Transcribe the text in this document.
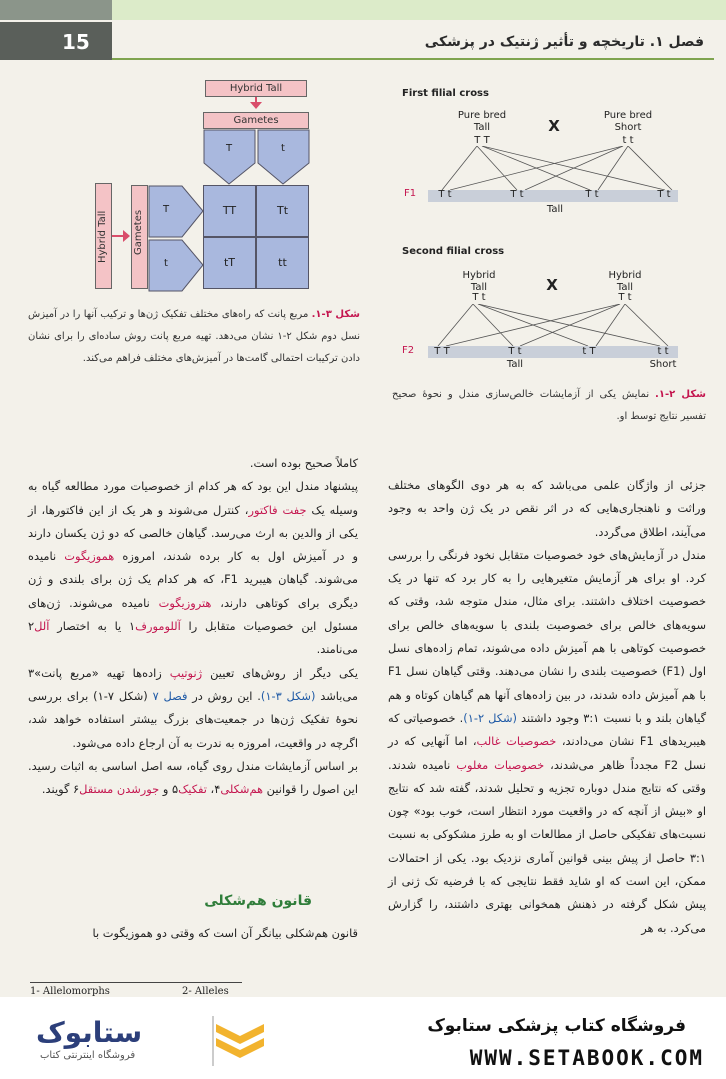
15	فصل ۱. تاریخچه و تأثیر ژنتیک در پزشکی
Hybrid Tall
Gametes
T	t
Hybrid Tall	Gametes
T
t
TT	Tt
tT	tt
First filial cross
Pure bred Tall
Pure bred Short
T T	t t
X
F1	T t	T t	T t	T t
Tall
Second filial cross
Hybrid Tall
Hybrid Tall
T t	T t
X
F2	T T	T t	t T	t t
Tall	Short
شکل ۳-۱. مربع پانت که راه‌های مختلف تفکیک ژن‌ها و ترکیب آنها را در آمیزش نسل دوم شکل ۲-۱ نشان می‌دهد. تهیه مربع پانت روش ساده‌ای را برای نشان دادن ترکیبات احتمالی گامت‌ها در آمیزش‌های مختلف فراهم می‌کند.
شکل ۲-۱. نمایش یکی از آزمایشات خالص‌سازی مندل و نحوهٔ صحیح تفسیر نتایج توسط او.

کاملاً صحیح بوده است.

پیشنهاد مندل این بود که هر کدام از خصوصیات مورد مطالعه گیاه به وسیله یک جفت فاکتور، کنترل می‌شوند و هر یک از این فاکتورها، از یکی از والدین به ارث می‌رسد. گیاهان خالصی که دو ژن یکسان دارند و در آمیزش اول به کار برده شدند، امروزه هموزیگوت نامیده می‌شوند. گیاهان هیبرید F1، که هر کدام یک ژن برای بلندی و ژن دیگری برای کوتاهی دارند، هتروزیگوت نامیده می‌شوند. ژن‌های مسئول این خصوصیات متقابل را آللومورف۱ یا به اختصار آلل۲ می‌نامند.

یکی دیگر از روش‌های تعیین ژنوتیپ زاده‌ها تهیه «مربع پانت»۳ می‌باشد (شکل ۳-۱). این روش در فصل ۷ (شکل ۷-۱) برای بررسی نحوهٔ تفکیک ژن‌ها در جمعیت‌های بزرگ بیشتر استفاده خواهد شد، اگرچه در واقعیت، امروزه به ندرت به آن ارجاع داده می‌شود.

بر اساس آزمایشات مندل روی گیاه، سه اصل اساسی به اثبات رسید. این اصول را قوانین هم‌شکلی۴، تفکیک۵ و جورشدن مستقل۶ گویند.

قانون هم‌شکلی
قانون هم‌شکلی بیانگر آن است که وقتی دو هموزیگوت با

جزئی از واژگان علمی می‌باشد که به هر دوی الگوهای مختلف وراثت و ناهنجاری‌هایی که در اثر نقص در یک ژن واحد به وجود می‌آیند، اطلاق می‌گردد.

مندل در آزمایش‌های خود خصوصیات متقابل نخود فرنگی را بررسی کرد. او برای هر آزمایش متغیرهایی را به کار برد که تنها در یک خصوصیت اختلاف داشتند. برای مثال، مندل متوجه شد، وقتی که سویه‌های خالص برای خصوصیت بلندی با سویه‌های خالص برای خصوصیت کوتاهی با هم آمیزش داده می‌شوند، تمام زاده‌های نسل اول (F1) خصوصیت بلندی را نشان می‌دهند. وقتی گیاهان نسل F1 با هم آمیزش داده شدند، در بین زاده‌های آنها هم گیاهان کوتاه و هم گیاهان بلند و با نسبت ۳:۱ وجود داشتند (شکل ۲-۱). خصوصیاتی که هیبریدهای F1 نشان می‌دادند، خصوصیات غالب، اما آنهایی که در نسل F2 مجدداً ظاهر می‌شدند، خصوصیات مغلوب نامیده شدند. وقتی که نتایج مندل دوباره تجزیه و تحلیل شدند، گفته شد که نتایج او «بیش از آنچه که در واقعیت مورد انتظار است، خوب بود» چون نسبت‌های تفکیکی حاصل از مطالعات او به طرز مشکوکی به نسبت ۳:۱ حاصل از پیش بینی قوانین آماری نزدیک بود. یکی از احتمالات ممکن، این است که او شاید فقط نتایجی که با فرضیه تک ژنی از پیش شکل گرفته در ذهنش همخوانی بهتری داشتند، را گزارش می‌کرد. به هر

1- Allelomorphs	2- Alleles
ستابوک
فروشگاه اینترنتی کتاب
فروشگاه کتاب پزشکی ستابوک
WWW.SETABOOK.COM
